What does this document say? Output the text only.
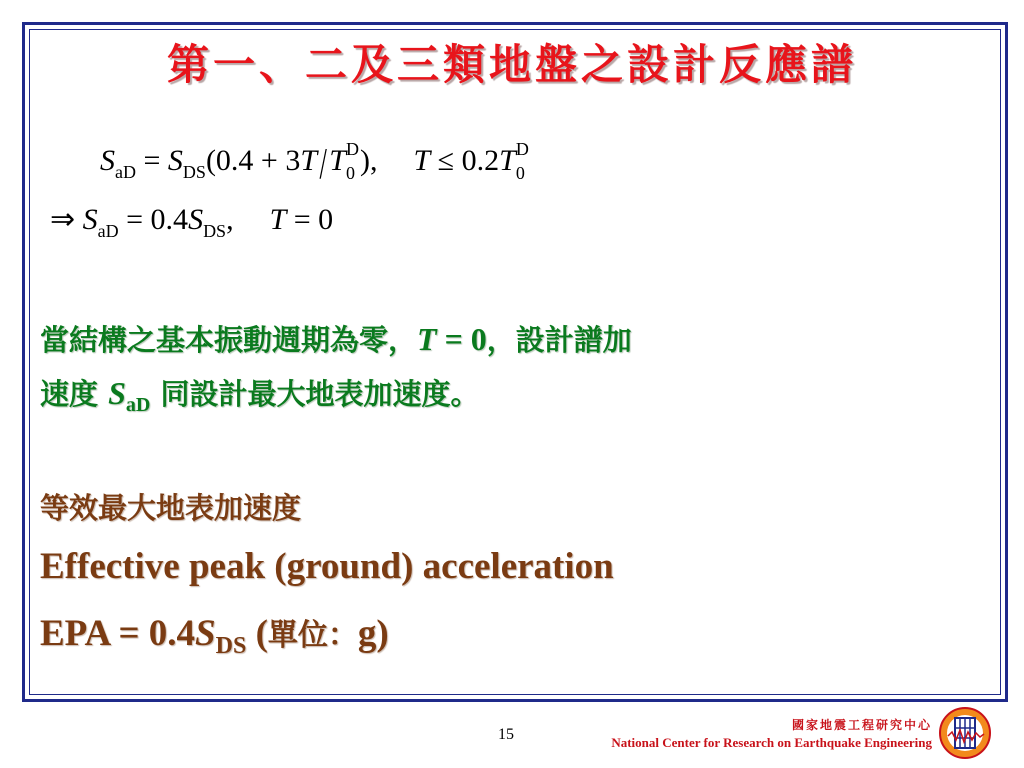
第一、二及三類地盤之設計反應譜
$S_{aD} = S_{DS}(0.4 + 3T/T$ D
0 ), T ≤ 0.2T D
0
⇒ $S_{aD} = 0.4S_{DS}$, T = 0
當結構之基本振動週期為零，T = 0，設計譜加
速度 $S_{aD}$ 同設計最大地表加速度。
等效最大地表加速度
Effective peak (ground) acceleration
EPA = $0.4S_{DS}$ (單位：g)
15
國家地震工程研究中心
National Center for Research on Earthquake Engineering
